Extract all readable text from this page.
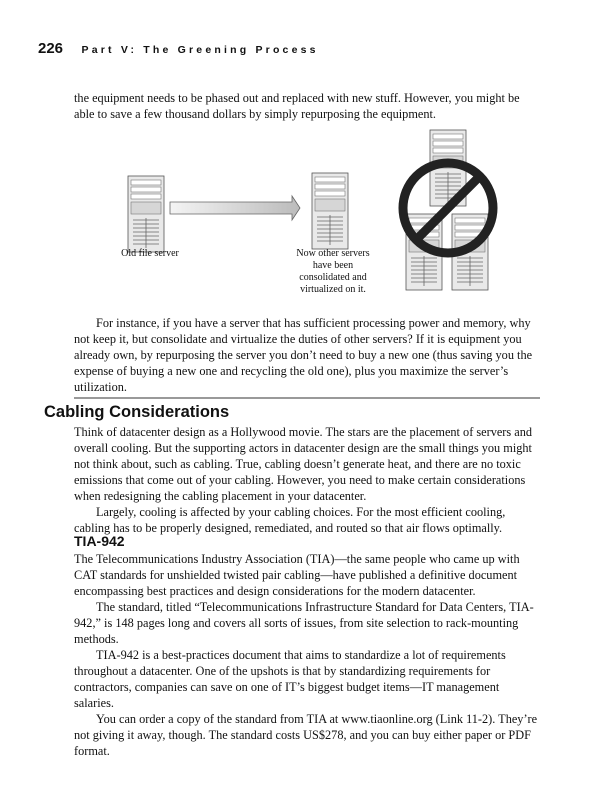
226 Part V: The Greening Process

the equipment needs to be phased out and replaced with new stuff. However, you might be able to save a few thousand dollars by simply repurposing the equipment.

Old file server	Now other servers have been consolidated and virtualized on it.

For instance, if you have a server that has sufficient processing power and memory, why not keep it, but consolidate and virtualize the duties of other servers? If it is equipment you already own, by repurposing the server you don’t need to buy a new one (thus saving you the expense of buying a new one and recycling the old one), plus you maximize the server’s utilization.

Cabling Considerations

Think of datacenter design as a Hollywood movie. The stars are the placement of servers and overall cooling. But the supporting actors in datacenter design are the small things you might not think about, such as cabling. True, cabling doesn’t generate heat, and there are no toxic emissions that come out of your cabling. However, you need to make certain considerations when redesigning the cabling placement in your datacenter.

Largely, cooling is affected by your cabling choices. For the most efficient cooling, cabling has to be properly designed, remediated, and routed so that air flows optimally.

TIA-942

The Telecommunications Industry Association (TIA)—the same people who came up with CAT standards for unshielded twisted pair cabling—have published a definitive document encompassing best practices and design considerations for the modern datacenter.

The standard, titled “Telecommunications Infrastructure Standard for Data Centers, TIA-942,” is 148 pages long and covers all sorts of issues, from site selection to rack-mounting methods.

TIA-942 is a best-practices document that aims to standardize a lot of requirements throughout a datacenter. One of the upshots is that by standardizing requirements for contractors, companies can save on one of IT’s biggest budget items—IT management salaries.

You can order a copy of the standard from TIA at www.tiaonline.org (Link 11-2). They’re not giving it away, though. The standard costs US$278, and you can buy either paper or PDF format.
